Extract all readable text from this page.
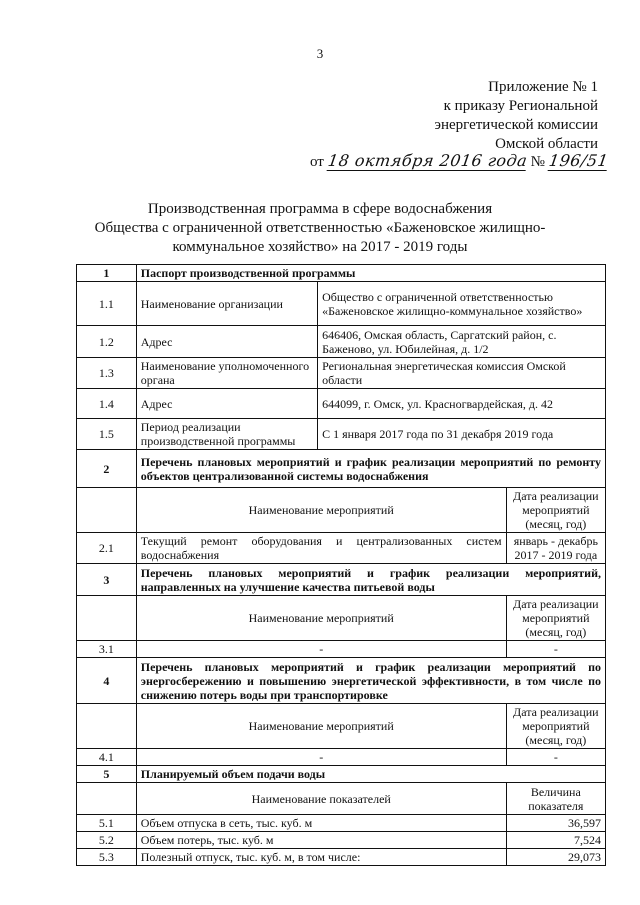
3
Приложение № 1
к приказу Региональной
энергетической комиссии
Омской области
от 18 октября 2016 года № 196/51
Производственная программа в сфере водоснабжения
Общества с ограниченной ответственностью «Баженовское жилищно-
коммунальное хозяйство» на 2017 - 2019 годы
1	Паспорт производственной программы		
1.1	Наименование организации	Общество с ограниченной ответственностью «Баженовское жилищно-коммунальное хозяйство»	
1.2	Адрес	646406, Омская область, Саргатский район, с. Баженово, ул. Юбилейная, д. 1/2	
1.3	Наименование уполномоченного органа	Региональная энергетическая комиссия Омской области	
1.4	Адрес	644099, г. Омск, ул. Красногвардейская, д. 42	
1.5	Период реализации производственной программы	С 1 января 2017 года по 31 декабря 2019 года	
2	Перечень плановых мероприятий и график реализации мероприятий по ремонту объектов централизованной системы водоснабжения		
	Наименование мероприятий		Дата реализации мероприятий (месяц, год)
2.1	Текущий ремонт оборудования и централизованных систем водоснабжения		январь - декабрь 2017 - 2019 года
3	Перечень плановых мероприятий и график реализации мероприятий, направленных на улучшение качества питьевой воды		
	Наименование мероприятий		Дата реализации мероприятий (месяц, год)
3.1	-		-
4	Перечень плановых мероприятий и график реализации мероприятий по энергосбережению и повышению энергетической эффективности, в том числе по снижению потерь воды при транспортировке		
	Наименование мероприятий		Дата реализации мероприятий (месяц, год)
4.1	-		-
5	Планируемый объем подачи воды		
	Наименование показателей		Величина показателя
5.1	Объем отпуска в сеть, тыс. куб. м		36,597
5.2	Объем потерь, тыс. куб. м		7,524
5.3	Полезный отпуск, тыс. куб. м, в том числе:		29,073
